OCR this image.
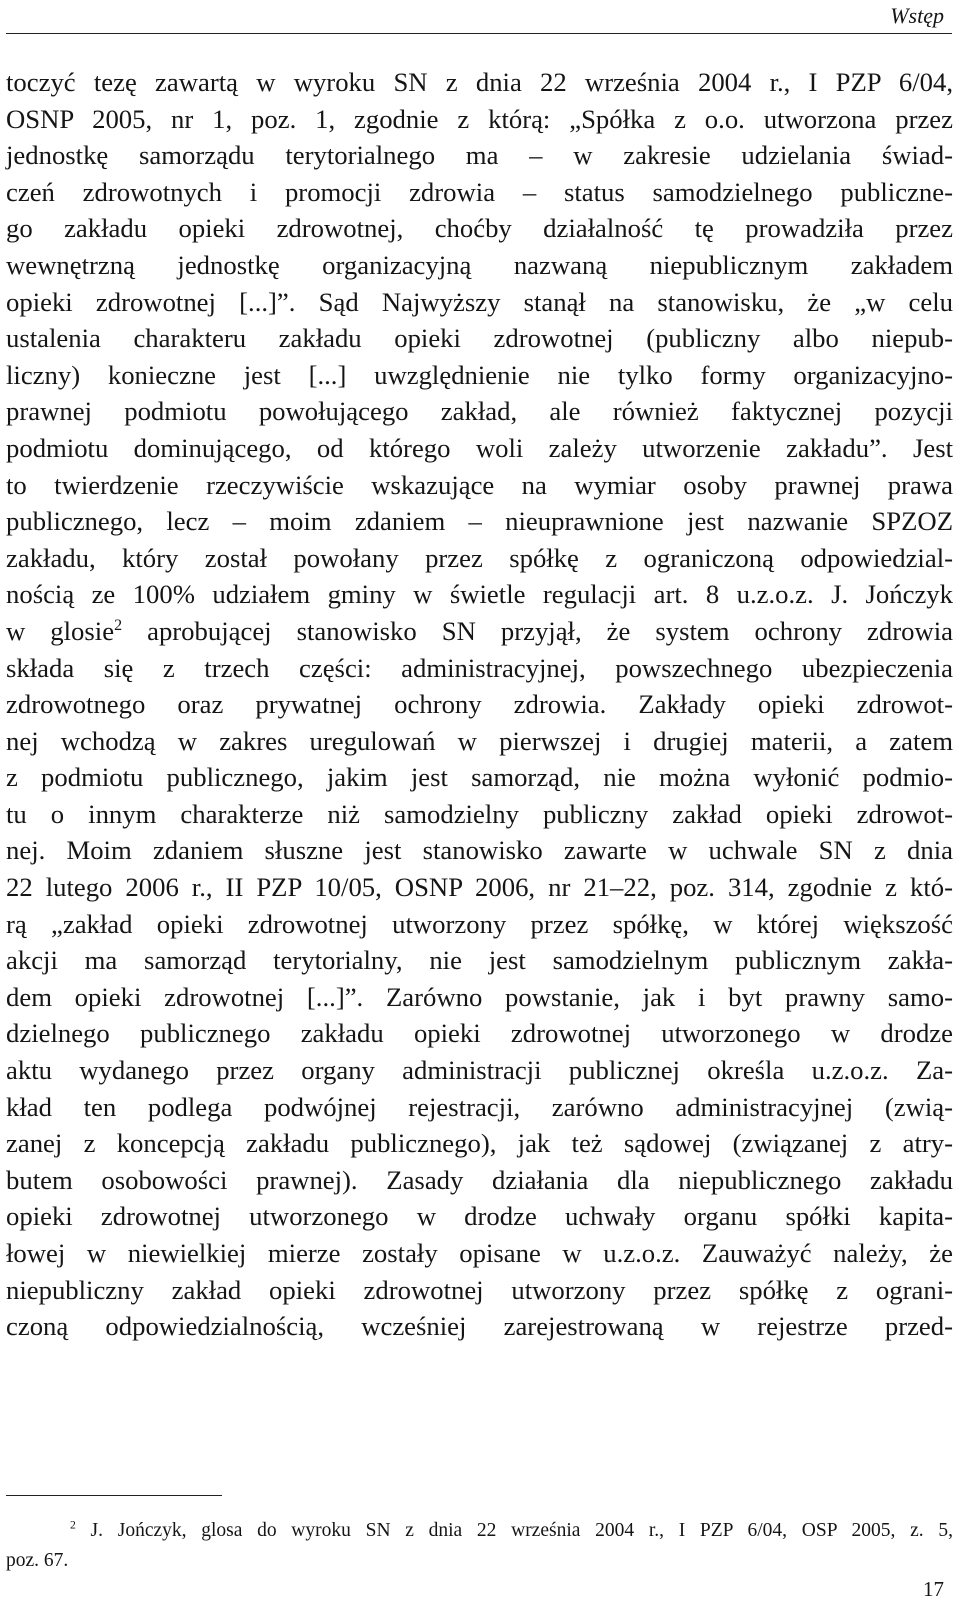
Wstęp
toczyć tezę zawartą w wyroku SN z dnia 22 września 2004 r., I PZP 6/04,
OSNP 2005, nr 1, poz. 1, zgodnie z którą: „Spółka z o.o. utworzona przez
jednostkę samorządu terytorialnego ma – w zakresie udzielania świad-
czeń zdrowotnych i promocji zdrowia – status samodzielnego publiczne-
go zakładu opieki zdrowotnej, choćby działalność tę prowadziła przez
wewnętrzną jednostkę organizacyjną nazwaną niepublicznym zakładem
opieki zdrowotnej [...]”. Sąd Najwyższy stanął na stanowisku, że „w celu
ustalenia charakteru zakładu opieki zdrowotnej (publiczny albo niepub-
liczny) konieczne jest [...] uwzględnienie nie tylko formy organizacyjno-
prawnej podmiotu powołującego zakład, ale również faktycznej pozycji
podmiotu dominującego, od którego woli zależy utworzenie zakładu”. Jest
to twierdzenie rzeczywiście wskazujące na wymiar osoby prawnej prawa
publicznego, lecz – moim zdaniem – nieuprawnione jest nazwanie SPZOZ
zakładu, który został powołany przez spółkę z ograniczoną odpowiedzial-
nością ze 100% udziałem gminy w świetle regulacji art. 8 u.z.o.z. J. Jończyk
w glosie$^2$ aprobującej stanowisko SN przyjął, że system ochrony zdrowia
składa się z trzech części: administracyjnej, powszechnego ubezpieczenia
zdrowotnego oraz prywatnej ochrony zdrowia. Zakłady opieki zdrowot-
nej wchodzą w zakres uregulowań w pierwszej i drugiej materii, a zatem
z podmiotu publicznego, jakim jest samorząd, nie można wyłonić podmio-
tu o innym charakterze niż samodzielny publiczny zakład opieki zdrowot-
nej. Moim zdaniem słuszne jest stanowisko zawarte w uchwale SN z dnia
22 lutego 2006 r., II PZP 10/05, OSNP 2006, nr 21–22, poz. 314, zgodnie z któ-
rą „zakład opieki zdrowotnej utworzony przez spółkę, w której większość
akcji ma samorząd terytorialny, nie jest samodzielnym publicznym zakła-
dem opieki zdrowotnej [...]”. Zarówno powstanie, jak i byt prawny samo-
dzielnego publicznego zakładu opieki zdrowotnej utworzonego w drodze
aktu wydanego przez organy administracji publicznej określa u.z.o.z. Za-
kład ten podlega podwójnej rejestracji, zarówno administracyjnej (zwią-
zanej z koncepcją zakładu publicznego), jak też sądowej (związanej z atry-
butem osobowości prawnej). Zasady działania dla niepublicznego zakładu
opieki zdrowotnej utworzonego w drodze uchwały organu spółki kapita-
łowej w niewielkiej mierze zostały opisane w u.z.o.z. Zauważyć należy, że
niepubliczny zakład opieki zdrowotnej utworzony przez spółkę z ograni-
czoną odpowiedzialnością, wcześniej zarejestrowaną w rejestrze przed-
$^2$ J. Jończyk, glosa do wyroku SN z dnia 22 września 2004 r., I PZP 6/04, OSP 2005, z. 5,
poz. 67.
17
